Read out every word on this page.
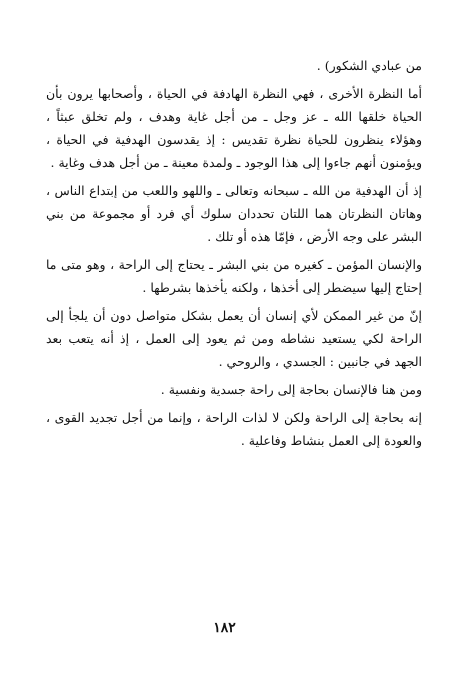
من عبادي الشكور) .

أما النظرة الأخرى ، فهي النظرة الهادفة في الحياة ، وأصحابها يرون بأن الحياة خلقها الله ـ عز وجل ـ من أجل غاية وهدف ، ولم تخلق عبثاً ، وهؤلاء ينظرون للحياة نظرة تقديس : إذ يقدسون الهدفية في الحياة ، ويؤمنون أنهم جاءوا إلى هذا الوجود ـ ولمدة معينة ـ من أجل هدف وغاية .

إذ أن الهدفية من الله ـ سبحانه وتعالى ـ واللهو واللعب من إبتداع الناس ، وهاتان النظرتان هما اللتان تحددان سلوك أي فرد أو مجموعة من بني البشر على وجه الأرض ، فإمّا هذه أو تلك .

والإنسان المؤمن ـ كغيره من بني البشر ـ يحتاج إلى الراحة ، وهو متى ما إحتاج إليها سيضطر إلى أخذها ، ولكنه يأخذها بشرطها .

إنّ من غير الممكن لأي إنسان أن يعمل بشكل متواصل دون أن يلجأ إلى الراحة لكي يستعيد نشاطه ومن ثم يعود إلى العمل ، إذ أنه يتعب بعد الجهد في جانبين : الجسدي ، والروحي .

ومن هنا فالإنسان بحاجة إلى راحة جسدية ونفسية .

إنه بحاجة إلى الراحة ولكن لا لذات الراحة ، وإنما من أجل تجديد القوى ، والعودة إلى العمل بنشاط وفاعلية .

١٨٢
